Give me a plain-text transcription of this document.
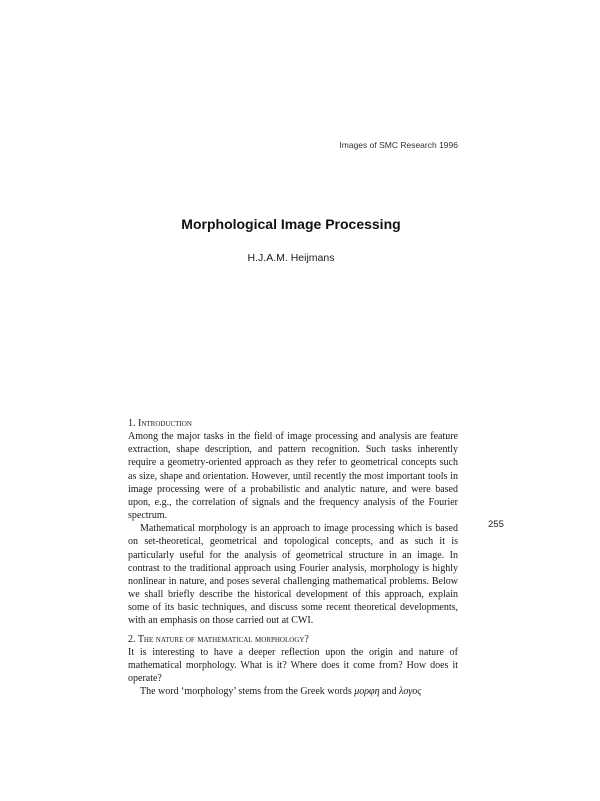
Images of SMC Research 1996
Morphological Image Processing
H.J.A.M. Heijmans

1. Introduction

Among the major tasks in the field of image processing and analysis are feature extraction, shape description, and pattern recognition. Such tasks inherently require a geometry-oriented approach as they refer to geometrical concepts such as size, shape and orientation. However, until recently the most important tools in image processing were of a probabilistic and analytic nature, and were based upon, e.g., the correlation of signals and the frequency analysis of the Fourier spectrum.

Mathematical morphology is an approach to image processing which is based on set-theoretical, geometrical and topological concepts, and as such it is particularly useful for the analysis of geometrical structure in an image. In contrast to the traditional approach using Fourier analysis, morphology is highly nonlinear in nature, and poses several challenging mathematical problems. Below we shall briefly describe the historical development of this approach, explain some of its basic techniques, and discuss some recent theoretical developments, with an emphasis on those carried out at CWI.

2. The nature of mathematical morphology?

It is interesting to have a deeper reflection upon the origin and nature of mathematical morphology. What is it? Where does it come from? How does it operate?

The word ‘morphology’ stems from the Greek words μορφη and λογος

255
